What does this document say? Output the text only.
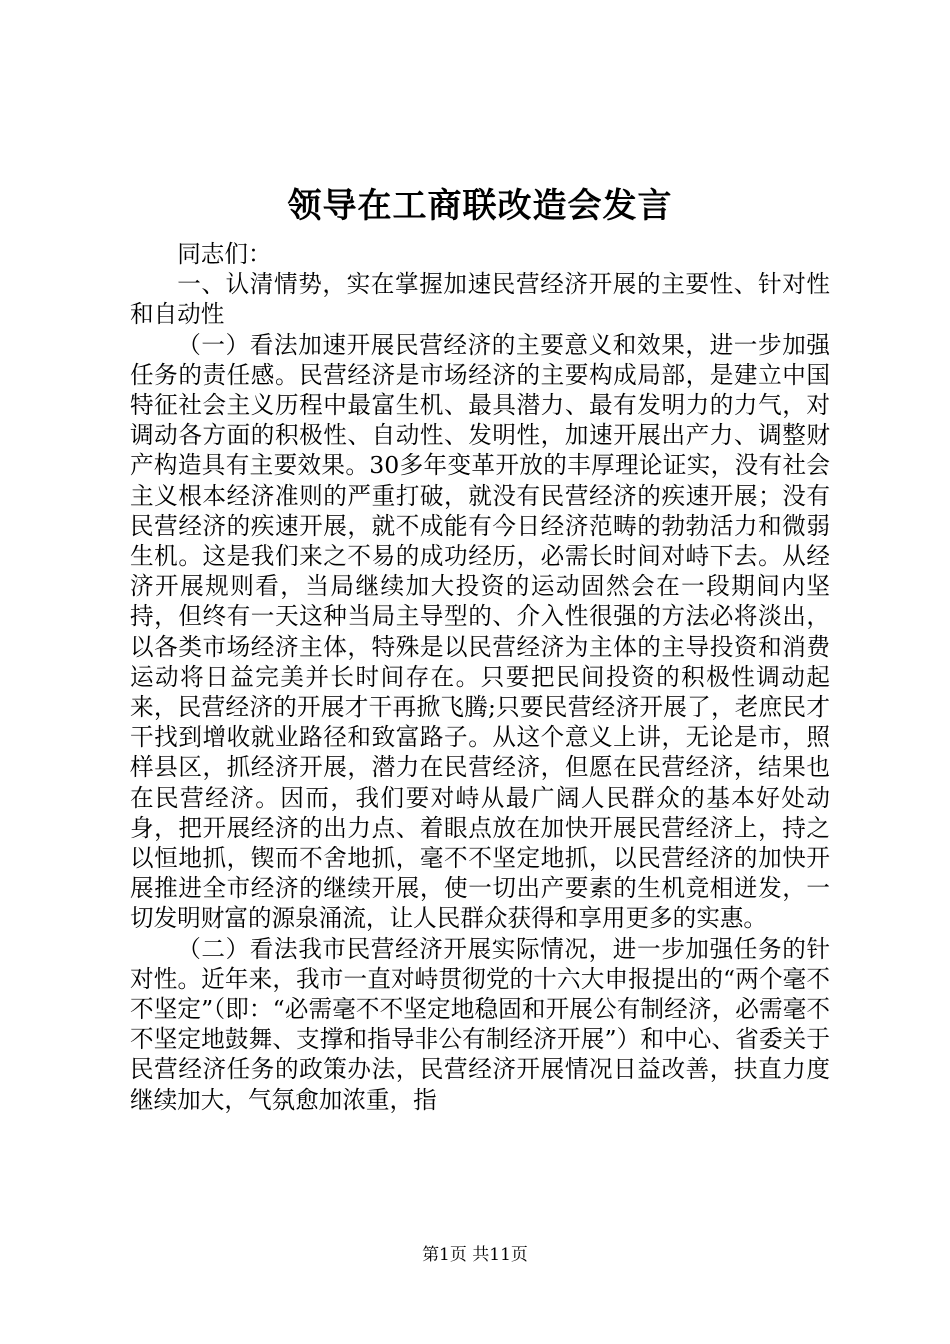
领导在工商联改造会发言

同志们：

一、认清情势，实在掌握加速民营经济开展的主要性、针对性和自动性

（一）看法加速开展民营经济的主要意义和效果，进一步加强任务的责任感。民营经济是市场经济的主要构成局部，是建立中国特征社会主义历程中最富生机、最具潜力、最有发明力的力气，对调动各方面的积极性、自动性、发明性，加速开展出产力、调整财产构造具有主要效果。30多年变革开放的丰厚理论证实，没有社会主义根本经济准则的严重打破，就没有民营经济的疾速开展；没有民营经济的疾速开展，就不成能有今日经济范畴的勃勃活力和微弱生机。这是我们来之不易的成功经历，必需长时间对峙下去。从经济开展规则看，当局继续加大投资的运动固然会在一段期间内坚持，但终有一天这种当局主导型的、介入性很强的方法必将淡出，以各类市场经济主体，特殊是以民营经济为主体的主导投资和消费运动将日益完美并长时间存在。只要把民间投资的积极性调动起来，民营经济的开展才干再掀飞腾;只要民营经济开展了，老庶民才干找到增收就业路径和致富路子。从这个意义上讲，无论是市，照样县区，抓经济开展，潜力在民营经济，但愿在民营经济，结果也在民营经济。因而，我们要对峙从最广阔人民群众的基本好处动身，把开展经济的出力点、着眼点放在加快开展民营经济上，持之以恒地抓，锲而不舍地抓，毫不不坚定地抓，以民营经济的加快开展推进全市经济的继续开展，使一切出产要素的生机竞相迸发，一切发明财富的源泉涌流，让人民群众获得和享用更多的实惠。

（二）看法我市民营经济开展实际情况，进一步加强任务的针对性。近年来，我市一直对峙贯彻党的十六大申报提出的“两个毫不不坚定”（即：“必需毫不不坚定地稳固和开展公有制经济，必需毫不不坚定地鼓舞、支撑和指导非公有制经济开展”）和中心、省委关于民营经济任务的政策办法，民营经济开展情况日益改善，扶直力度继续加大，气氛愈加浓重，指

第1页 共11页
